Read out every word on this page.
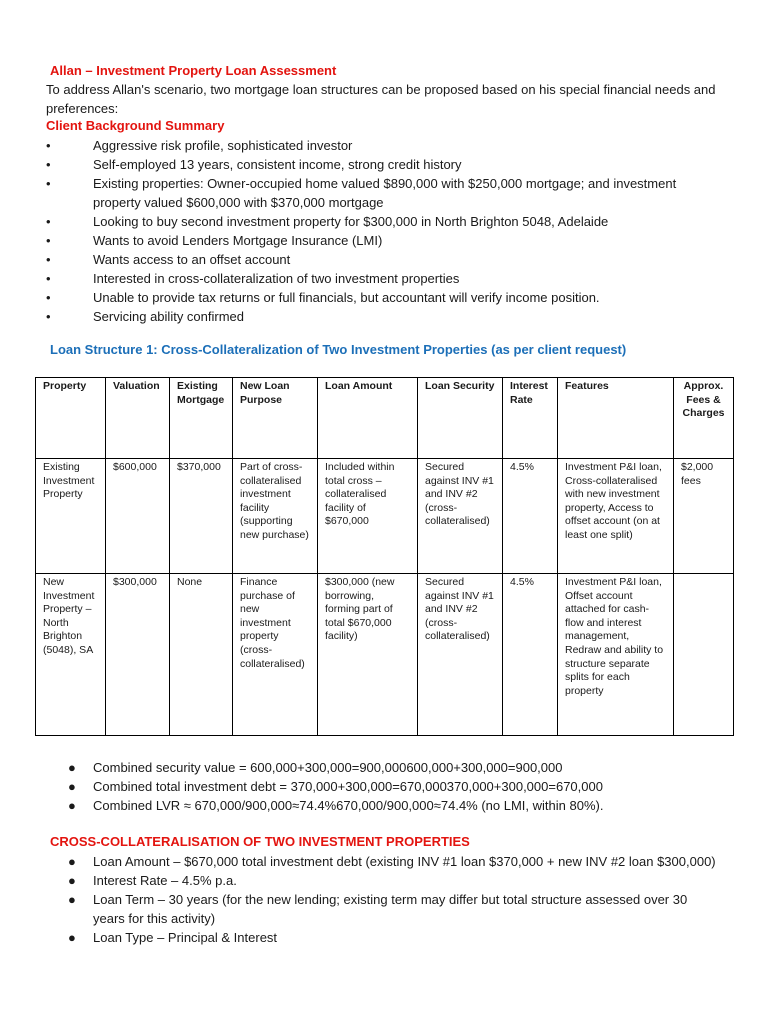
Allan – Investment Property Loan Assessment
To address Allan's scenario, two mortgage loan structures can be proposed based on his special financial needs and preferences:
Client Background Summary
•	Aggressive risk profile, sophisticated investor
•	Self-employed 13 years, consistent income, strong credit history
•	Existing properties: Owner-occupied home valued $890,000 with $250,000 mortgage; and investment property valued $600,000 with $370,000 mortgage
•	Looking to buy second investment property for $300,000 in North Brighton 5048, Adelaide
•	Wants to avoid Lenders Mortgage Insurance (LMI)
•	Wants access to an offset account
•	Interested in cross-collateralization of two investment properties
•	Unable to provide tax returns or full financials, but accountant will verify income position.
•	Servicing ability confirmed
Loan Structure 1: Cross-Collateralization of Two Investment Properties (as per client request)
Property	Valuation	Existing Mortgage	New Loan Purpose	Loan Amount	Loan Security	Interest Rate	Features	Approx. Fees & Charges
Existing Investment Property	$600,000	$370,000	Part of cross-collateralised investment facility (supporting new purchase)	Included within total cross – collateralised facility of $670,000	Secured against INV #1 and INV #2 (cross-collateralised)	4.5%	Investment P&I loan, Cross-collateralised with new investment property, Access to offset account (on at least one split)	$2,000 fees
New Investment Property – North Brighton (5048), SA	$300,000	None	Finance purchase of new investment property (cross-collateralised)	$300,000 (new borrowing, forming part of total $670,000 facility)	Secured against INV #1 and INV #2 (cross-collateralised)	4.5%	Investment P&I loan, Offset account attached for cash-flow and interest management, Redraw and ability to structure separate splits for each property	
● Combined security value = 600,000+300,000=900,000600,000+300,000=900,000
● Combined total investment debt = 370,000+300,000=670,000370,000+300,000=670,000
● Combined LVR ≈ 670,000/900,000≈74.4%670,000/900,000≈74.4% (no LMI, within 80%).
CROSS-COLLATERALISATION OF TWO INVESTMENT PROPERTIES
● Loan Amount – $670,000 total investment debt (existing INV #1 loan $370,000 + new INV #2 loan $300,000)
● Interest Rate – 4.5% p.a.
● Loan Term – 30 years (for the new lending; existing term may differ but total structure assessed over 30 years for this activity)
● Loan Type – Principal & Interest
